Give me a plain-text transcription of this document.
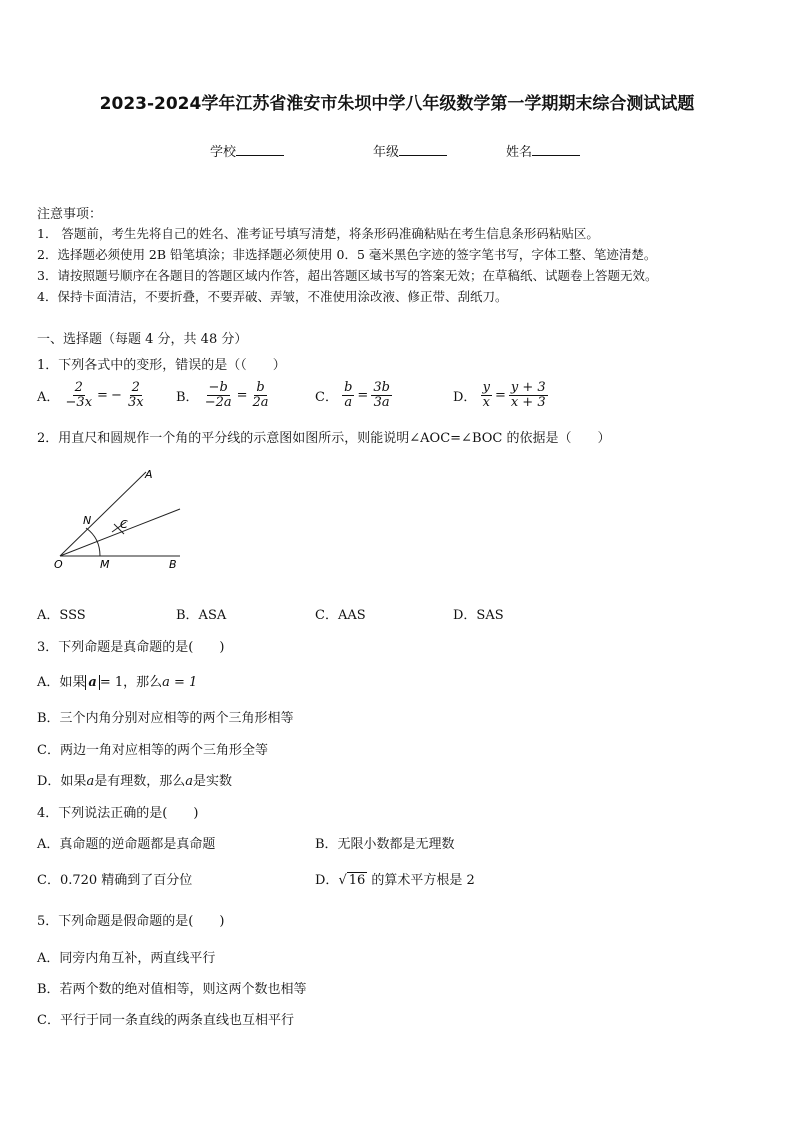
2023-2024学年江苏省淮安市朱坝中学八年级数学第一学期期末综合测试试题
学校	年级	姓名
注意事项：
1． 答题前，考生先将自己的姓名、准考证号填写清楚，将条形码准确粘贴在考生信息条形码粘贴区。
2．选择题必须使用 2B 铅笔填涂；非选择题必须使用 0．5 毫米黑色字迹的签字笔书写，字体工整、笔迹清楚。
3．请按照题号顺序在各题目的答题区域内作答，超出答题区域书写的答案无效；在草稿纸、试题卷上答题无效。
4．保持卡面清洁，不要折叠，不要弄破、弄皱，不准使用涂改液、修正带、刮纸刀。
一、选择题（每题 4 分，共 48 分）
1．下列各式中的变形，错误的是（（　　）
A． $\frac{2}{-3x}$ = − $\frac{2}{3x}$ B． $\frac{-b}{-2a} = \frac{b}{2a}$	C． $\frac{b}{a} = \frac{3b}{3a}$	D． $\frac{y}{x} = \frac{y + 3}{x + 3}$
2．用直尺和圆规作一个角的平分线的示意图如图所示，则能说明∠AOC=∠BOC 的依据是（　　）
A
N	C
O	M	B
A．SSS	B．ASA	C．AAS	D．SAS
3．下列命题是真命题的是(　　)
A．如果 a = 1，那么a = 1
B．三个内角分别对应相等的两个三角形相等
C．两边一角对应相等的两个三角形全等
D．如果a是有理数，那么a是实数
4．下列说法正确的是(　　)
A．真命题的逆命题都是真命题	B．无限小数都是无理数
C．0.720 精确到了百分位	D．√ 16 的算术平方根是 2
5．下列命题是假命题的是(　　)
A．同旁内角互补，两直线平行
B．若两个数的绝对值相等，则这两个数也相等
C．平行于同一条直线的两条直线也互相平行
